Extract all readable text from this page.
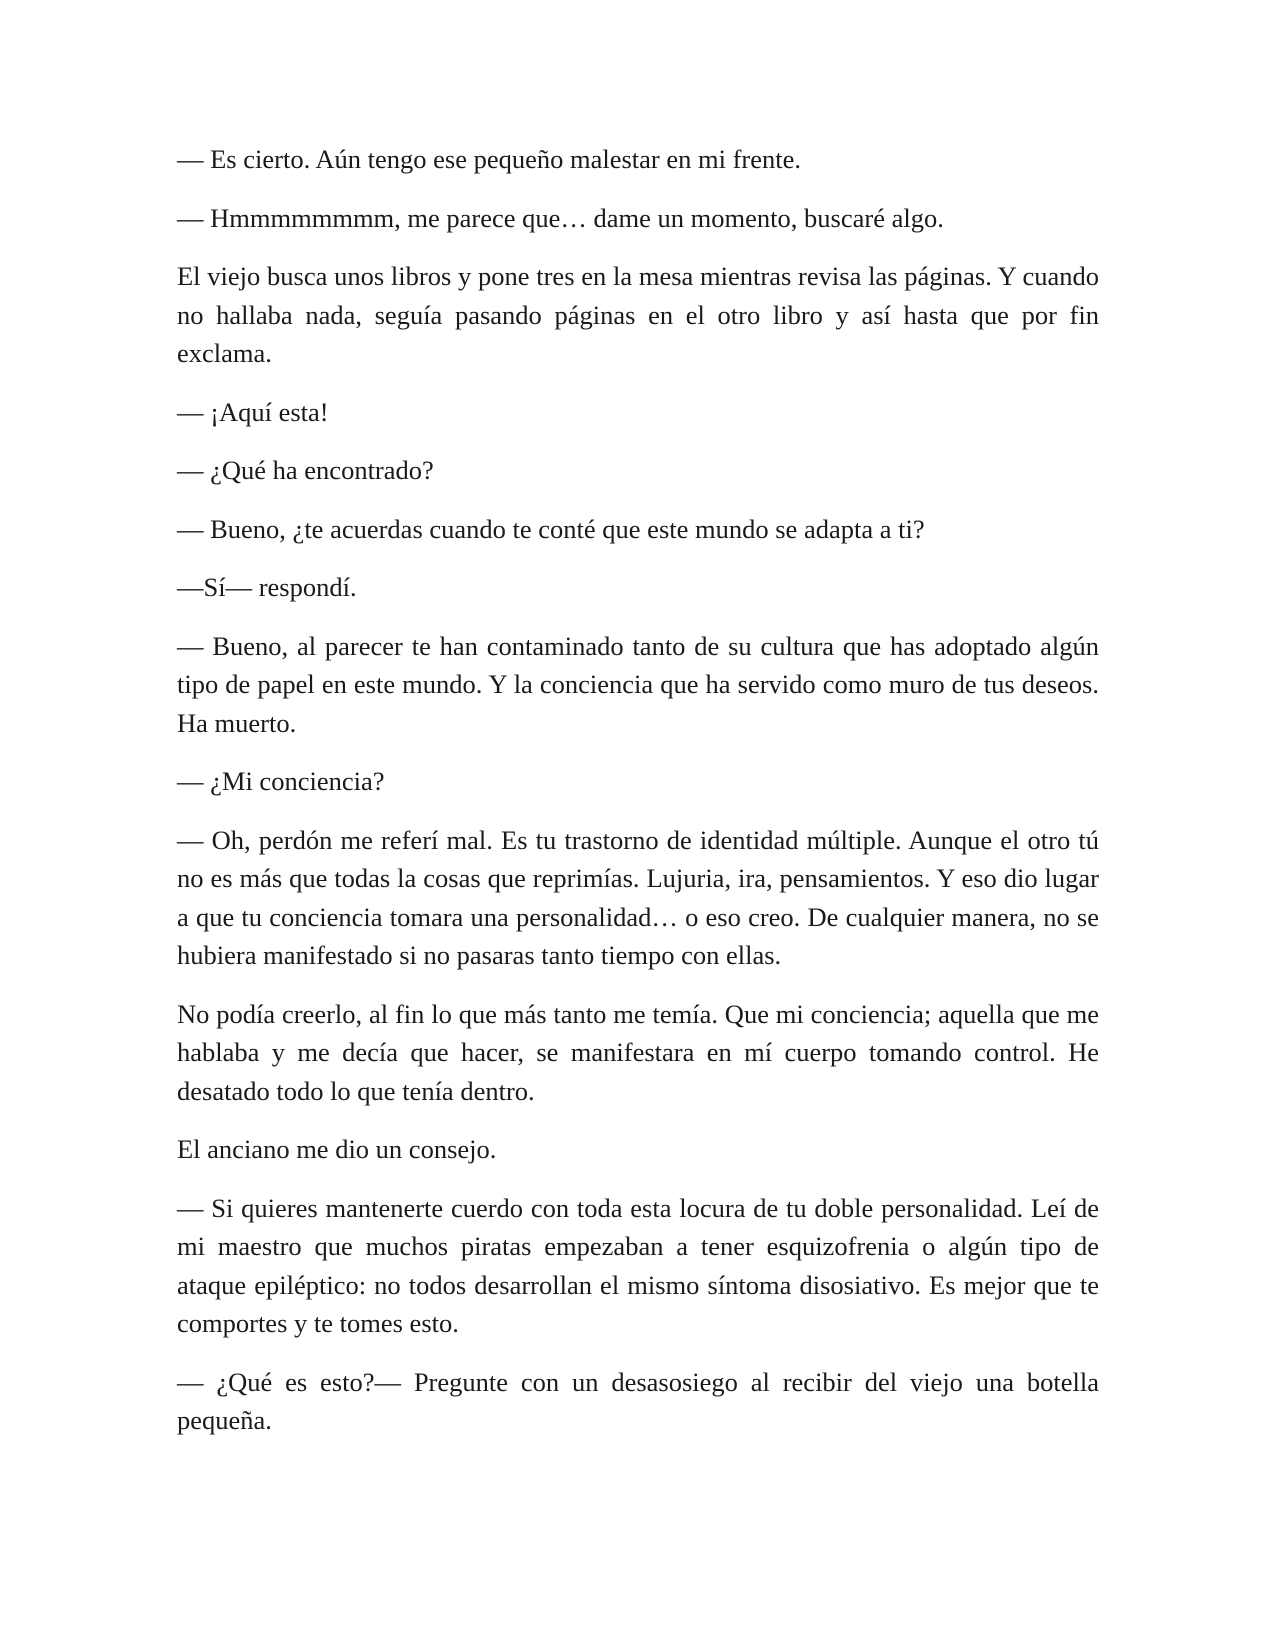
— Es cierto. Aún tengo ese pequeño malestar en mi frente.

— Hmmmmmmmm, me parece que… dame un momento, buscaré algo.

El viejo busca unos libros y pone tres en la mesa mientras revisa las páginas. Y cuando no hallaba nada, seguía pasando páginas en el otro libro y así hasta que por fin exclama.

— ¡Aquí esta!

— ¿Qué ha encontrado?

— Bueno, ¿te acuerdas cuando te conté que este mundo se adapta a ti?

—Sí— respondí.

— Bueno, al parecer te han contaminado tanto de su cultura que has adoptado algún tipo de papel en este mundo. Y la conciencia que ha servido como muro de tus deseos. Ha muerto.

— ¿Mi conciencia?

— Oh, perdón me referí mal. Es tu trastorno de identidad múltiple. Aunque el otro tú no es más que todas la cosas que reprimías. Lujuria, ira, pensamientos. Y eso dio lugar a que tu conciencia tomara una personalidad… o eso creo. De cualquier manera, no se hubiera manifestado si no pasaras tanto tiempo con ellas.

No podía creerlo, al fin lo que más tanto me temía. Que mi conciencia; aquella que me hablaba y me decía que hacer, se manifestara en mí cuerpo tomando control. He desatado todo lo que tenía dentro.

El anciano me dio un consejo.

— Si quieres mantenerte cuerdo con toda esta locura de tu doble personalidad. Leí de mi maestro que muchos piratas empezaban a tener esquizofrenia o algún tipo de ataque epiléptico: no todos desarrollan el mismo síntoma disosiativo. Es mejor que te comportes y te tomes esto.

— ¿Qué es esto?— Pregunte con un desasosiego al recibir del viejo una botella pequeña.
